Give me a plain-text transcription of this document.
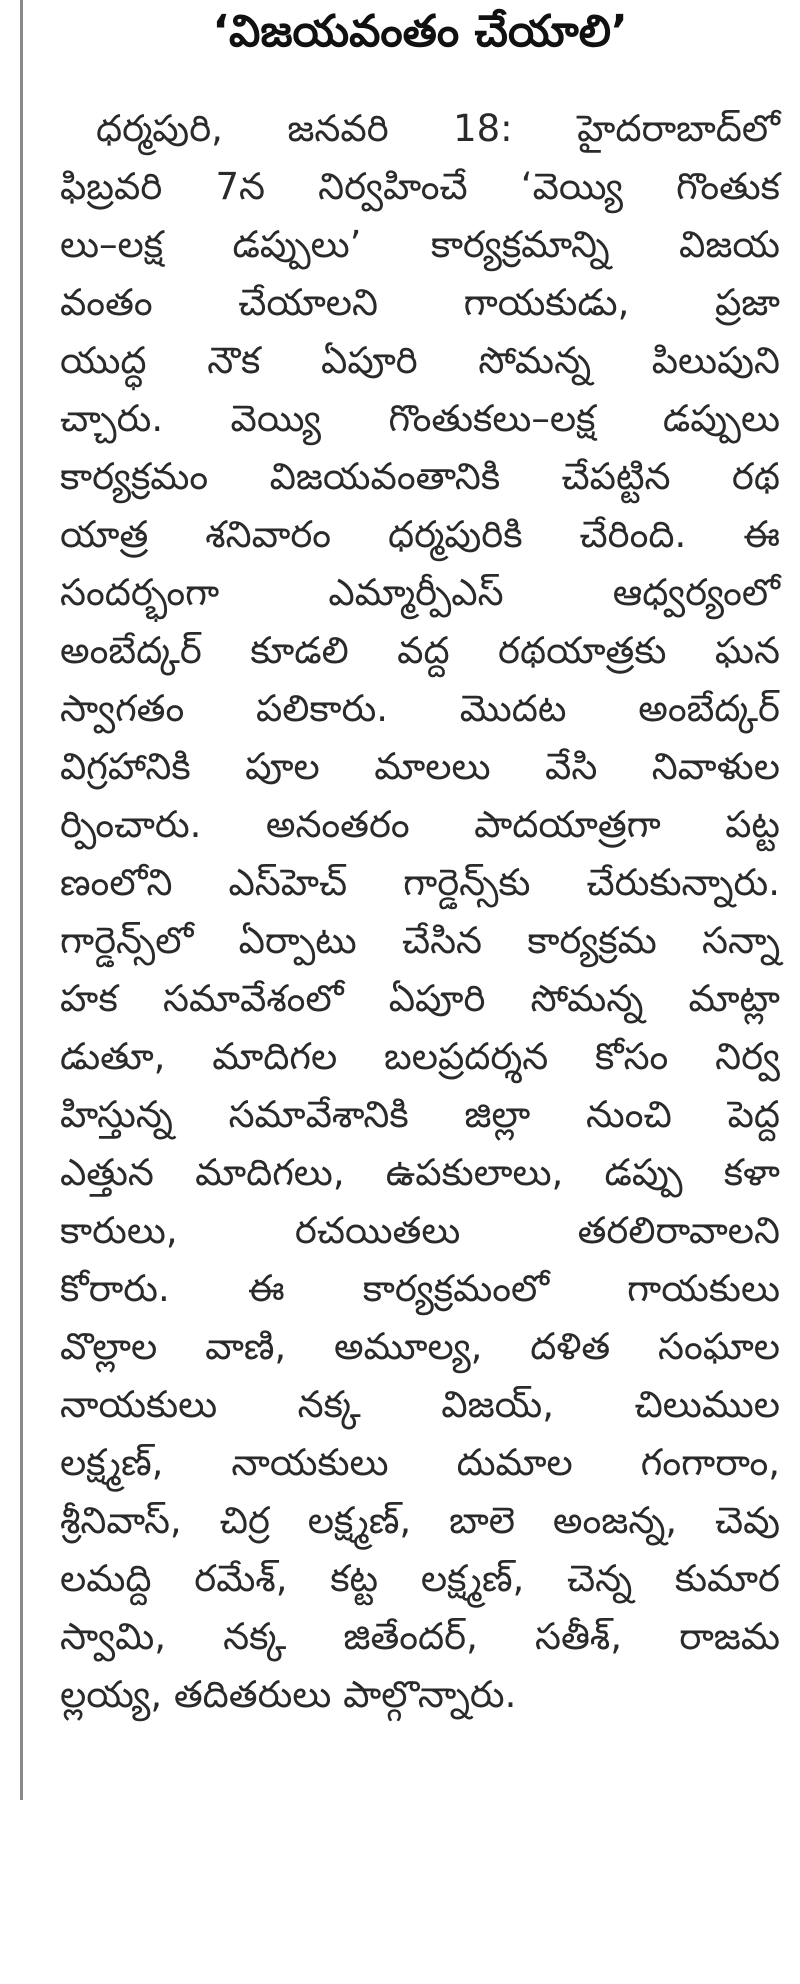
‘విజయవంతం చేయాలి’
ధర్మపురి, జనవరి 18: హైదరాబాద్‌లో
ఫిబ్రవరి 7న నిర్వహించే ‘వెయ్యి గొంతుక
లు–లక్ష డప్పులు’ కార్యక్రమాన్ని విజయ
వంతం చేయాలని గాయకుడు, ప్రజా
యుద్ధ నౌక ఏపూరి సోమన్న పిలుపుని
చ్చారు. వెయ్యి గొంతుకలు–లక్ష డప్పులు
కార్యక్రమం విజయవంతానికి చేపట్టిన రథ
యాత్ర శనివారం ధర్మపురికి చేరింది. ఈ
సందర్భంగా ఎమ్మార్పీఎస్ ఆధ్వర్యంలో
అంబేద్కర్ కూడలి వద్ద రథయాత్రకు ఘన
స్వాగతం పలికారు. మొదట అంబేద్కర్
విగ్రహానికి పూల మాలలు వేసి నివాళుల
ర్పించారు. అనంతరం పాదయాత్రగా పట్ట
ణంలోని ఎస్‌హెచ్ గార్డెన్స్‌కు చేరుకున్నారు.
గార్డెన్స్‌లో ఏర్పాటు చేసిన కార్యక్రమ సన్నా
హక సమావేశంలో ఏపూరి సోమన్న మాట్లా
డుతూ, మాదిగల బలప్రదర్శన కోసం నిర్వ
హిస్తున్న సమావేశానికి జిల్లా నుంచి పెద్ద
ఎత్తున మాదిగలు, ఉపకులాలు, డప్పు కళా
కారులు, రచయితలు తరలిరావాలని
కోరారు. ఈ కార్యక్రమంలో గాయకులు
వొల్లాల వాణి, అమూల్య, దళిత సంఘాల
నాయకులు నక్క విజయ్, చిలుముల
లక్ష్మణ్, నాయకులు దుమాల గంగారాం,
శ్రీనివాస్, చిర్ర లక్ష్మణ్, బాలె అంజన్న, చెవు
లమద్ది రమేశ్, కట్ట లక్ష్మణ్, చెన్న కుమార
స్వామి, నక్క జితేందర్, సతీశ్, రాజమ
ల్లయ్య, తదితరులు పాల్గొన్నారు.
